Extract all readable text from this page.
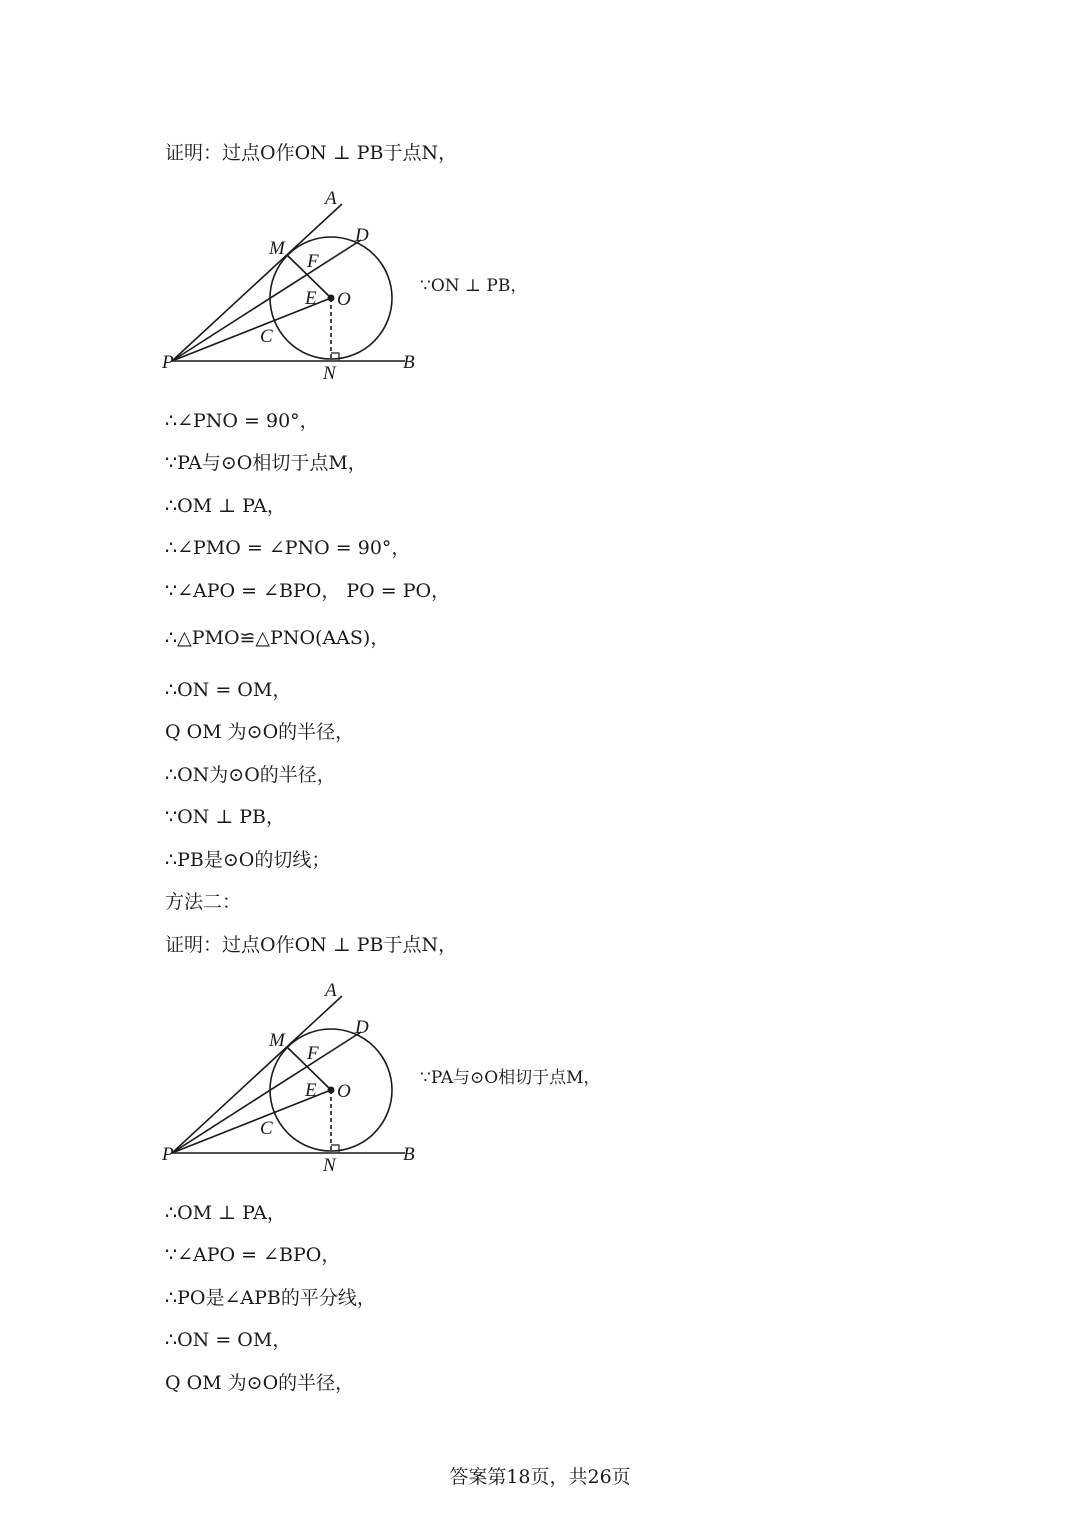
证明：过点O作ON ⊥ PB于点N，
A
D
M
F
E O
C
P
N
B
∵ON ⊥ PB，
∴∠PNO = 90°，
∵PA与⊙O相切于点M，
∴OM ⊥ PA，
∴∠PMO = ∠PNO = 90°，
∵∠APO = ∠BPO， PO = PO，
∴△PMO≌△PNO(AAS)，
∴ON = OM，
Q OM 为⊙O的半径，
∴ON为⊙O的半径，
∵ON ⊥ PB，
∴PB是⊙O的切线；
方法二：
证明：过点O作ON ⊥ PB于点N，
A
D
M
F
E O
C
P
N
B
∵PA与⊙O相切于点M，
∴OM ⊥ PA，
∵∠APO = ∠BPO，
∴PO是∠APB的平分线，
∴ON = OM，
Q OM 为⊙O的半径，
答案第18页，共26页
